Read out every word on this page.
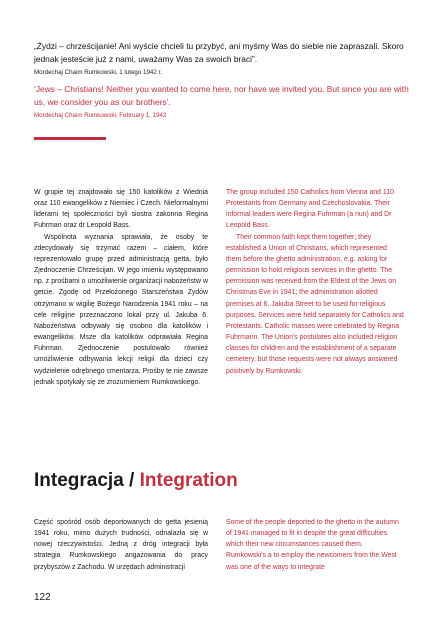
„Żydzi – chrześcijanie! Ani wyście chcieli tu przybyć, ani myśmy Was do siebie nie zapraszali. Skoro jednak jesteście już z nami, uważamy Was za swoich braci”.

Mordechaj Chaim Rumkowski, 1 lutego 1942 r.

‘Jews – Christians! Neither you wanted to come here, nor have we invited you. But since you are with us, we consider you as our brothers’.

Mordechaj Chaim Rumkowski, February 1, 1942

W grupie tej znajdowało się 150 katolików z Wiednia oraz 110 ewangelików z Niemiec i Czech. Nieformalnymi liderami tej społeczności byli siostra zakonna Regina Fuhrman oraz dr Leopold Bass.

Wspólnota wyznania sprawiała, że osoby te zdecydowały się trzymać razem – ciałem, które reprezentowało grupę przed administracją getta, było Zjednoczenie Chrześcijan. W jego imieniu występowano np. z prośbami o umożliwienie organizacji nabożeństw w getcie. Zgodę od Przełożonego Starszeństwa Żydów otrzymano w wigilię Bożego Narodzenia 1941 roku – na cele religijne przeznaczono lokal przy ul. Jakuba 6. Nabożeństwa odbywały się osobno dla katolików i ewangelików. Msze dla katolików odprawiała Regina Fuhrman. Zjednoczenie postulowało również umożliwienie odbywania lekcji religii dla dzieci czy wydzielenie odrębnego cmentarza. Prośby te nie zawsze jednak spotykały się ze zrozumieniem Rumkowskiego.

The group included 150 Catholics from Vienna and 110 Protestants from Germany and Czechoslovakia. Their informal leaders were Regina Fuhrman (a nun) and Dr Leopold Bass.

Their common faith kept them together; they established a Union of Christians, which represented them before the ghetto administration, e.g. asking for permission to hold religious services in the ghetto. The permission was received from the Eldest of the Jews on Christmas Eve in 1941; the administration allotted premises at 6, Jakuba Street to be used for religious purposes. Services were held separately for Catholics and Protestants. Catholic masses were celebrated by Regina Fuhrmann. The Union's postulates also included religion classes for children and the establishment of a separate cemetery, but those requests were not always answered positively by Rumkowski.

Integracja / Integration

Część spośród osób deportowanych do getta jesienią 1941 roku, mimo dużych trudności, odnalazła się w nowej rzeczywistości. Jedną z dróg integracji była strategia Rumkowskiego angażowania do pracy przybyszów z Zachodu. W urzędach administracji

Some of the people deported to the ghetto in the autumn of 1941 managed to fit in despite the great difficulties which their new circumstances caused them. Rumkowski's a to employ the newcomers from the West was one of the ways to integrate

122
